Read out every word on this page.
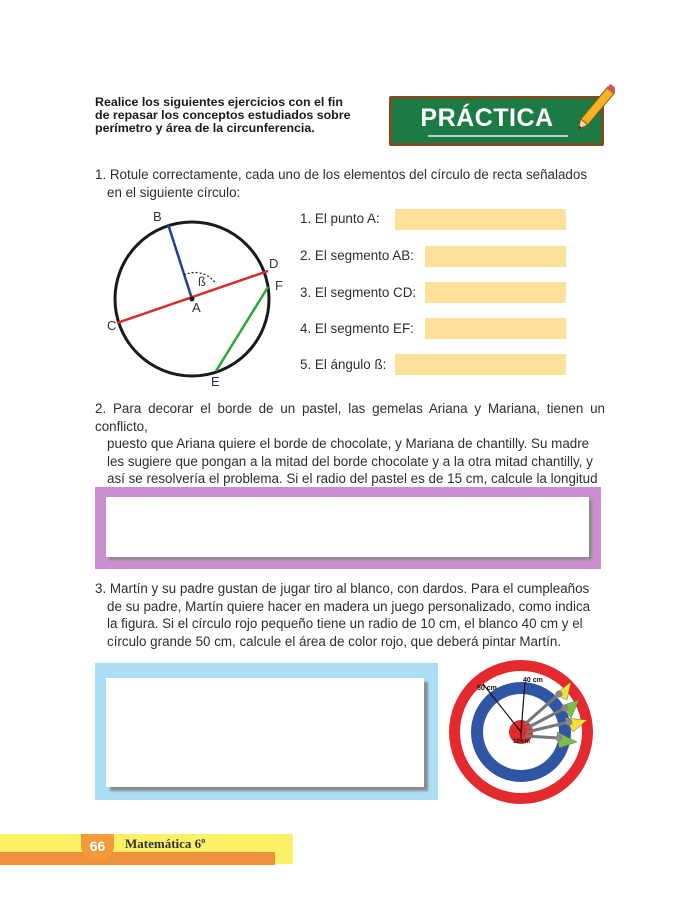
Realice los siguientes ejercicios con el fin
de repasar los conceptos estudiados sobre
perímetro y área de la circunferencia.	PRÁCTICA
1. Rotule correctamente, cada uno de los elementos del círculo de recta señalados
en el siguiente círculo:
B
D
F
ß
A
C
E
1. El punto A:
2. El segmento AB:
3. El segmento CD:
4. El segmento EF:
5. El ángulo ß:
2. Para decorar el borde de un pastel, las gemelas Ariana y Mariana, tienen un conflicto,
puesto que Ariana quiere el borde de chocolate, y Mariana de chantilly. Su madre
les sugiere que pongan a la mitad del borde chocolate y a la otra mitad chantilly, y
así se resolvería el problema. Si el radio del pastel es de 15 cm, calcule la longitud
3. Martín y su padre gustan de jugar tiro al blanco, con dardos. Para el cumpleaños
de su padre, Martín quiere hacer en madera un juego personalizado, como indica
la figura. Si el círculo rojo pequeño tiene un radio de 10 cm, el blanco 40 cm y el
círculo grande 50 cm, calcule el área de color rojo, que deberá pintar Martín.
50 cm
40 cm
10 cm
66	Matemática 6º
